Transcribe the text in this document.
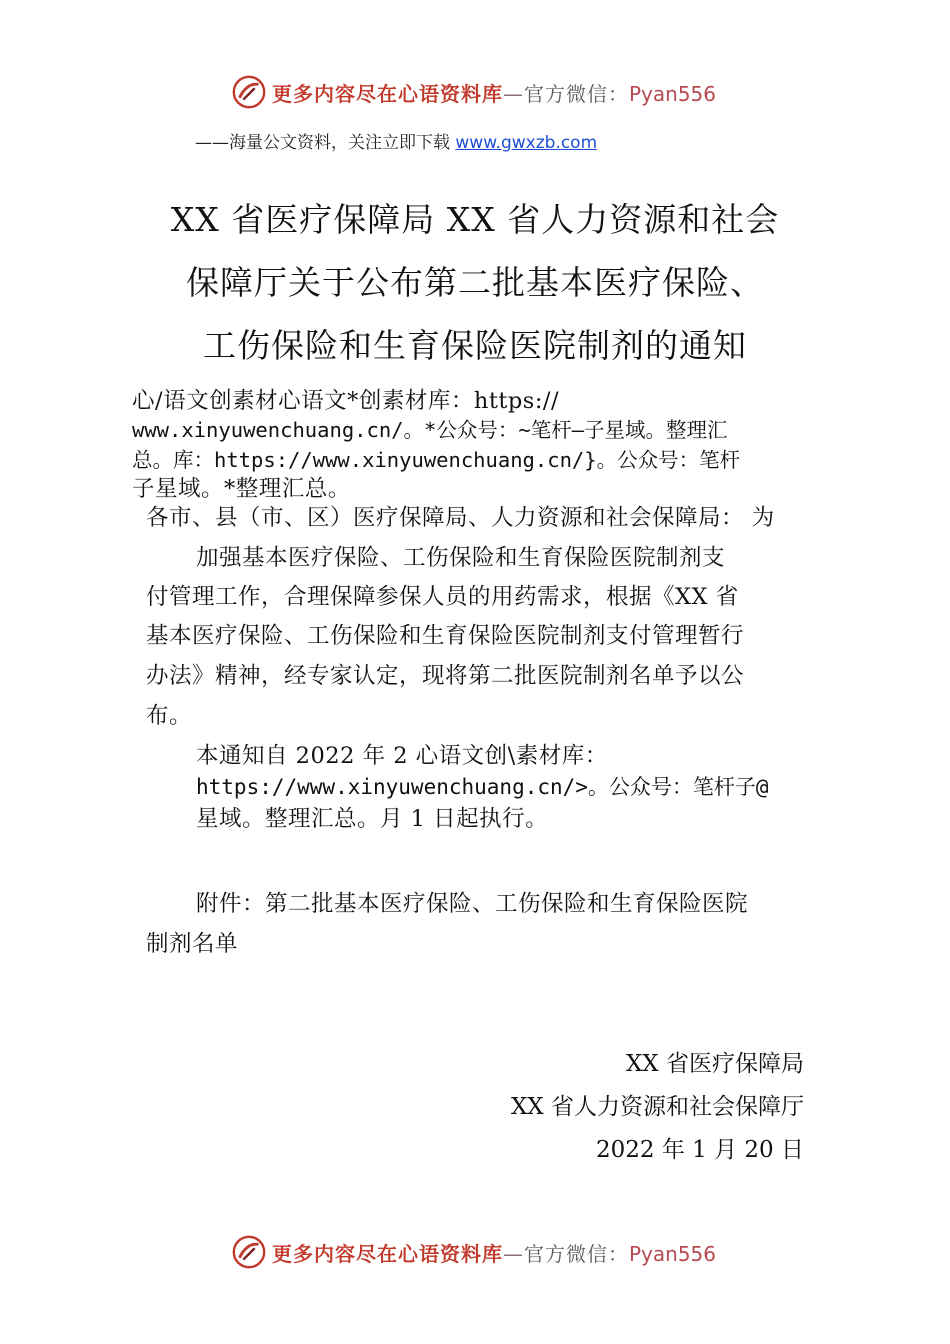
更多内容尽在心语资料库—官方微信：Pyan556
——海量公文资料，关注立即下载 www.gwxzb.com
XX 省医疗保障局 XX 省人力资源和社会
保障厅关于公布第二批基本医疗保险、
工伤保险和生育保险医院制剂的通知
心/语文创素材心语文*创素材库：https://
www.xinyuwenchuang.cn/。*公众号：~笔杆—子星域。整理汇
总。库：https://www.xinyuwenchuang.cn/}。公众号：笔杆
子星域。*整理汇总。
各市、县（市、区）医疗保障局、人力资源和社会保障局： 为
加强基本医疗保险、工伤保险和生育保险医院制剂支
付管理工作，合理保障参保人员的用药需求，根据《XX 省
基本医疗保险、工伤保险和生育保险医院制剂支付管理暂行
办法》精神，经专家认定，现将第二批医院制剂名单予以公
布。
本通知自 2022 年 2 心语文创\素材库：
https://www.xinyuwenchuang.cn/>。公众号：笔杆子@
星域。整理汇总。月 1 日起执行。
附件：第二批基本医疗保险、工伤保险和生育保险医院
制剂名单
XX 省医疗保障局
XX 省人力资源和社会保障厅
2022 年 1 月 20 日
更多内容尽在心语资料库—官方微信：Pyan556
